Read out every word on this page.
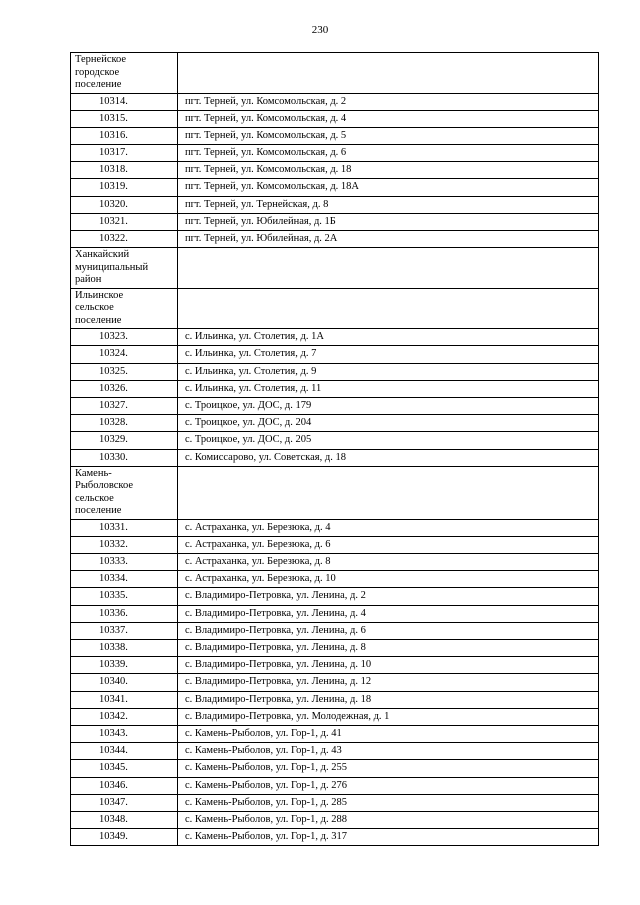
230
Тернейское
городское
поселение	

10314.	пгт. Терней, ул. Комсомольская, д. 2
10315.	пгт. Терней, ул. Комсомольская, д. 4
10316.	пгт. Терней, ул. Комсомольская, д. 5
10317.	пгт. Терней, ул. Комсомольская, д. 6
10318.	пгт. Терней, ул. Комсомольская, д. 18
10319.	пгт. Терней, ул. Комсомольская, д. 18А
10320.	пгт. Терней, ул. Тернейская, д. 8
10321.	пгт. Терней, ул. Юбилейная, д. 1Б
10322.	пгт. Терней, ул. Юбилейная, д. 2А

Ханкайский
муниципальный
район	

Ильинское
сельское
поселение	

10323.	с. Ильинка, ул. Столетия, д. 1А
10324.	с. Ильинка, ул. Столетия, д. 7
10325.	с. Ильинка, ул. Столетия, д. 9
10326.	с. Ильинка, ул. Столетия, д. 11
10327.	с. Троицкое, ул. ДОС, д. 179
10328.	с. Троицкое, ул. ДОС, д. 204
10329.	с. Троицкое, ул. ДОС, д. 205
10330.	с. Комиссарово, ул. Советская, д. 18

Камень-
Рыболовское
сельское
поселение	

10331.	с. Астраханка, ул. Березюка, д. 4
10332.	с. Астраханка, ул. Березюка, д. 6
10333.	с. Астраханка, ул. Березюка, д. 8
10334.	с. Астраханка, ул. Березюка, д. 10
10335.	с. Владимиро-Петровка, ул. Ленина, д. 2
10336.	с. Владимиро-Петровка, ул. Ленина, д. 4
10337.	с. Владимиро-Петровка, ул. Ленина, д. 6
10338.	с. Владимиро-Петровка, ул. Ленина, д. 8
10339.	с. Владимиро-Петровка, ул. Ленина, д. 10
10340.	с. Владимиро-Петровка, ул. Ленина, д. 12
10341.	с. Владимиро-Петровка, ул. Ленина, д. 18
10342.	с. Владимиро-Петровка, ул. Молодежная, д. 1
10343.	с. Камень-Рыболов, ул. Гор-1, д. 41
10344.	с. Камень-Рыболов, ул. Гор-1, д. 43
10345.	с. Камень-Рыболов, ул. Гор-1, д. 255
10346.	с. Камень-Рыболов, ул. Гор-1, д. 276
10347.	с. Камень-Рыболов, ул. Гор-1, д. 285
10348.	с. Камень-Рыболов, ул. Гор-1, д. 288
10349.	с. Камень-Рыболов, ул. Гор-1, д. 317
